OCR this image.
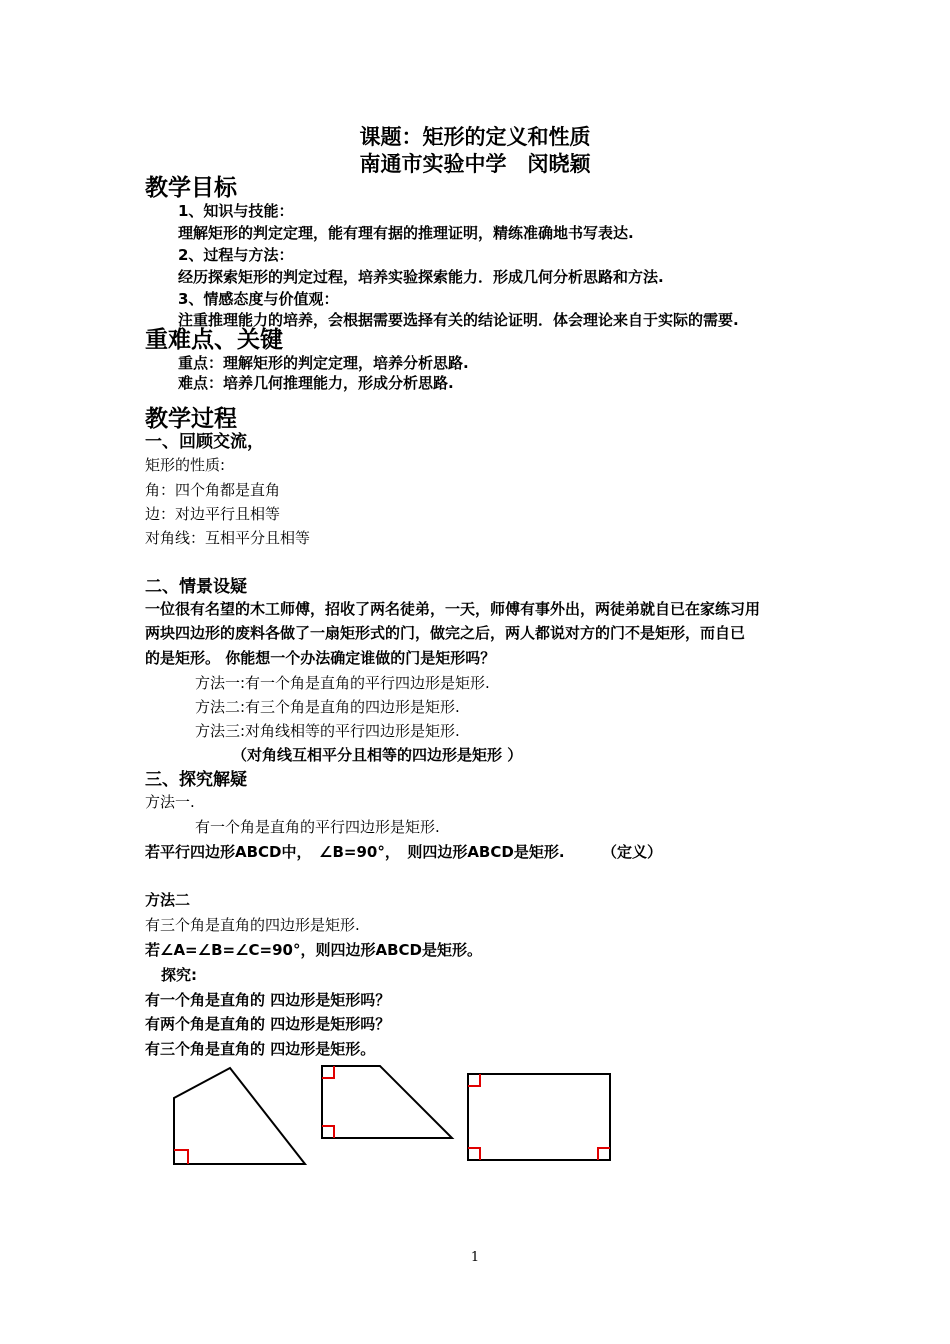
课题：矩形的定义和性质
南通市实验中学　闵晓颖
教学目标
1、知识与技能：
理解矩形的判定定理，能有理有据的推理证明，精练准确地书写表达.
2、过程与方法：
经历探索矩形的判定过程，培养实验探索能力．形成几何分析思路和方法.
3、情感态度与价值观：
注重推理能力的培养，会根据需要选择有关的结论证明．体会理论来自于实际的需要.
重难点、关键
重点：理解矩形的判定定理，培养分析思路.
难点：培养几何推理能力，形成分析思路.
教学过程
一、回顾交流，
矩形的性质:
角：四个角都是直角
边：对边平行且相等
对角线：互相平分且相等
二、情景设疑
一位很有名望的木工师傅，招收了两名徒弟，一天，师傅有事外出，两徒弟就自已在家练习用
两块四边形的废料各做了一扇矩形式的门，做完之后，两人都说对方的门不是矩形，而自已
的是矩形。 你能想一个办法确定谁做的门是矩形吗？
方法一:有一个角是直角的平行四边形是矩形.
方法二:有三个角是直角的四边形是矩形.
方法三:对角线相等的平行四边形是矩形.
（对角线互相平分且相等的四边形是矩形 ）
三、探究解疑
方法一.
有一个角是直角的平行四边形是矩形.
若平行四边形ABCD中，　∠B=90°，　则四边形ABCD是矩形.　　　（定义）
方法二
有三个角是直角的四边形是矩形.
若∠A=∠B=∠C=90°，则四边形ABCD是矩形。
探究:
有一个角是直角的 四边形是矩形吗？
有两个角是直角的 四边形是矩形吗？
有三个角是直角的 四边形是矩形。
1
